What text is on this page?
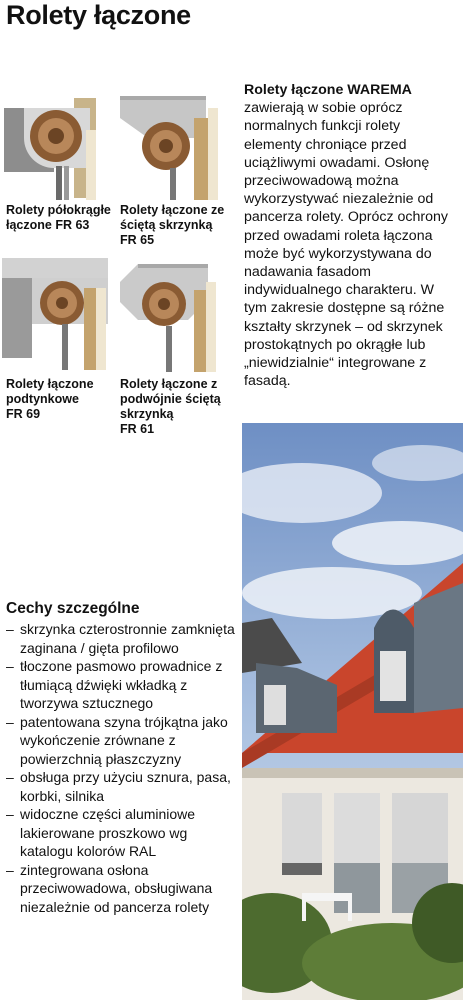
Rolety łączone
Rolety półokrągłe
łączone FR 63
Rolety łączone ze
ściętą skrzynką
FR 65
Rolety łączone
podtynkowe
FR 69
Rolety łączone z
podwójnie ściętą
skrzynką
FR 61
Rolety łączone WAREMA
zawierają w sobie oprócz normalnych funkcji rolety elementy chroniące przed uciążliwymi owadami. Osłonę przeciwowadową można wykorzystywać niezależnie od pancerza rolety. Oprócz ochrony przed owadami roleta łączona może być wykorzystywana do nadawania fasadom indywidualnego charakteru. W tym zakresie dostępne są różne kształty skrzynek – od skrzynek prostokątnych po okrągłe lub „niewidzialnie“ integrowane z fasadą.
Cechy szczególne
– skrzynka czterostronnie zamknięta zaginana / gięta profilowo
– tłoczone pasmowo prowadnice z tłumiącą dźwięki wkładką z tworzywa sztucznego
– patentowana szyna trójkątna jako wykończenie zrównane z powierzchnią płaszczyzny
– obsługa przy użyciu sznura, pasa, korbki, silnika
– widoczne części aluminiowe lakierowane proszkowo wg katalogu kolorów RAL
– zintegrowana osłona przeciwowadowa, obsługiwana niezależnie od pancerza rolety
